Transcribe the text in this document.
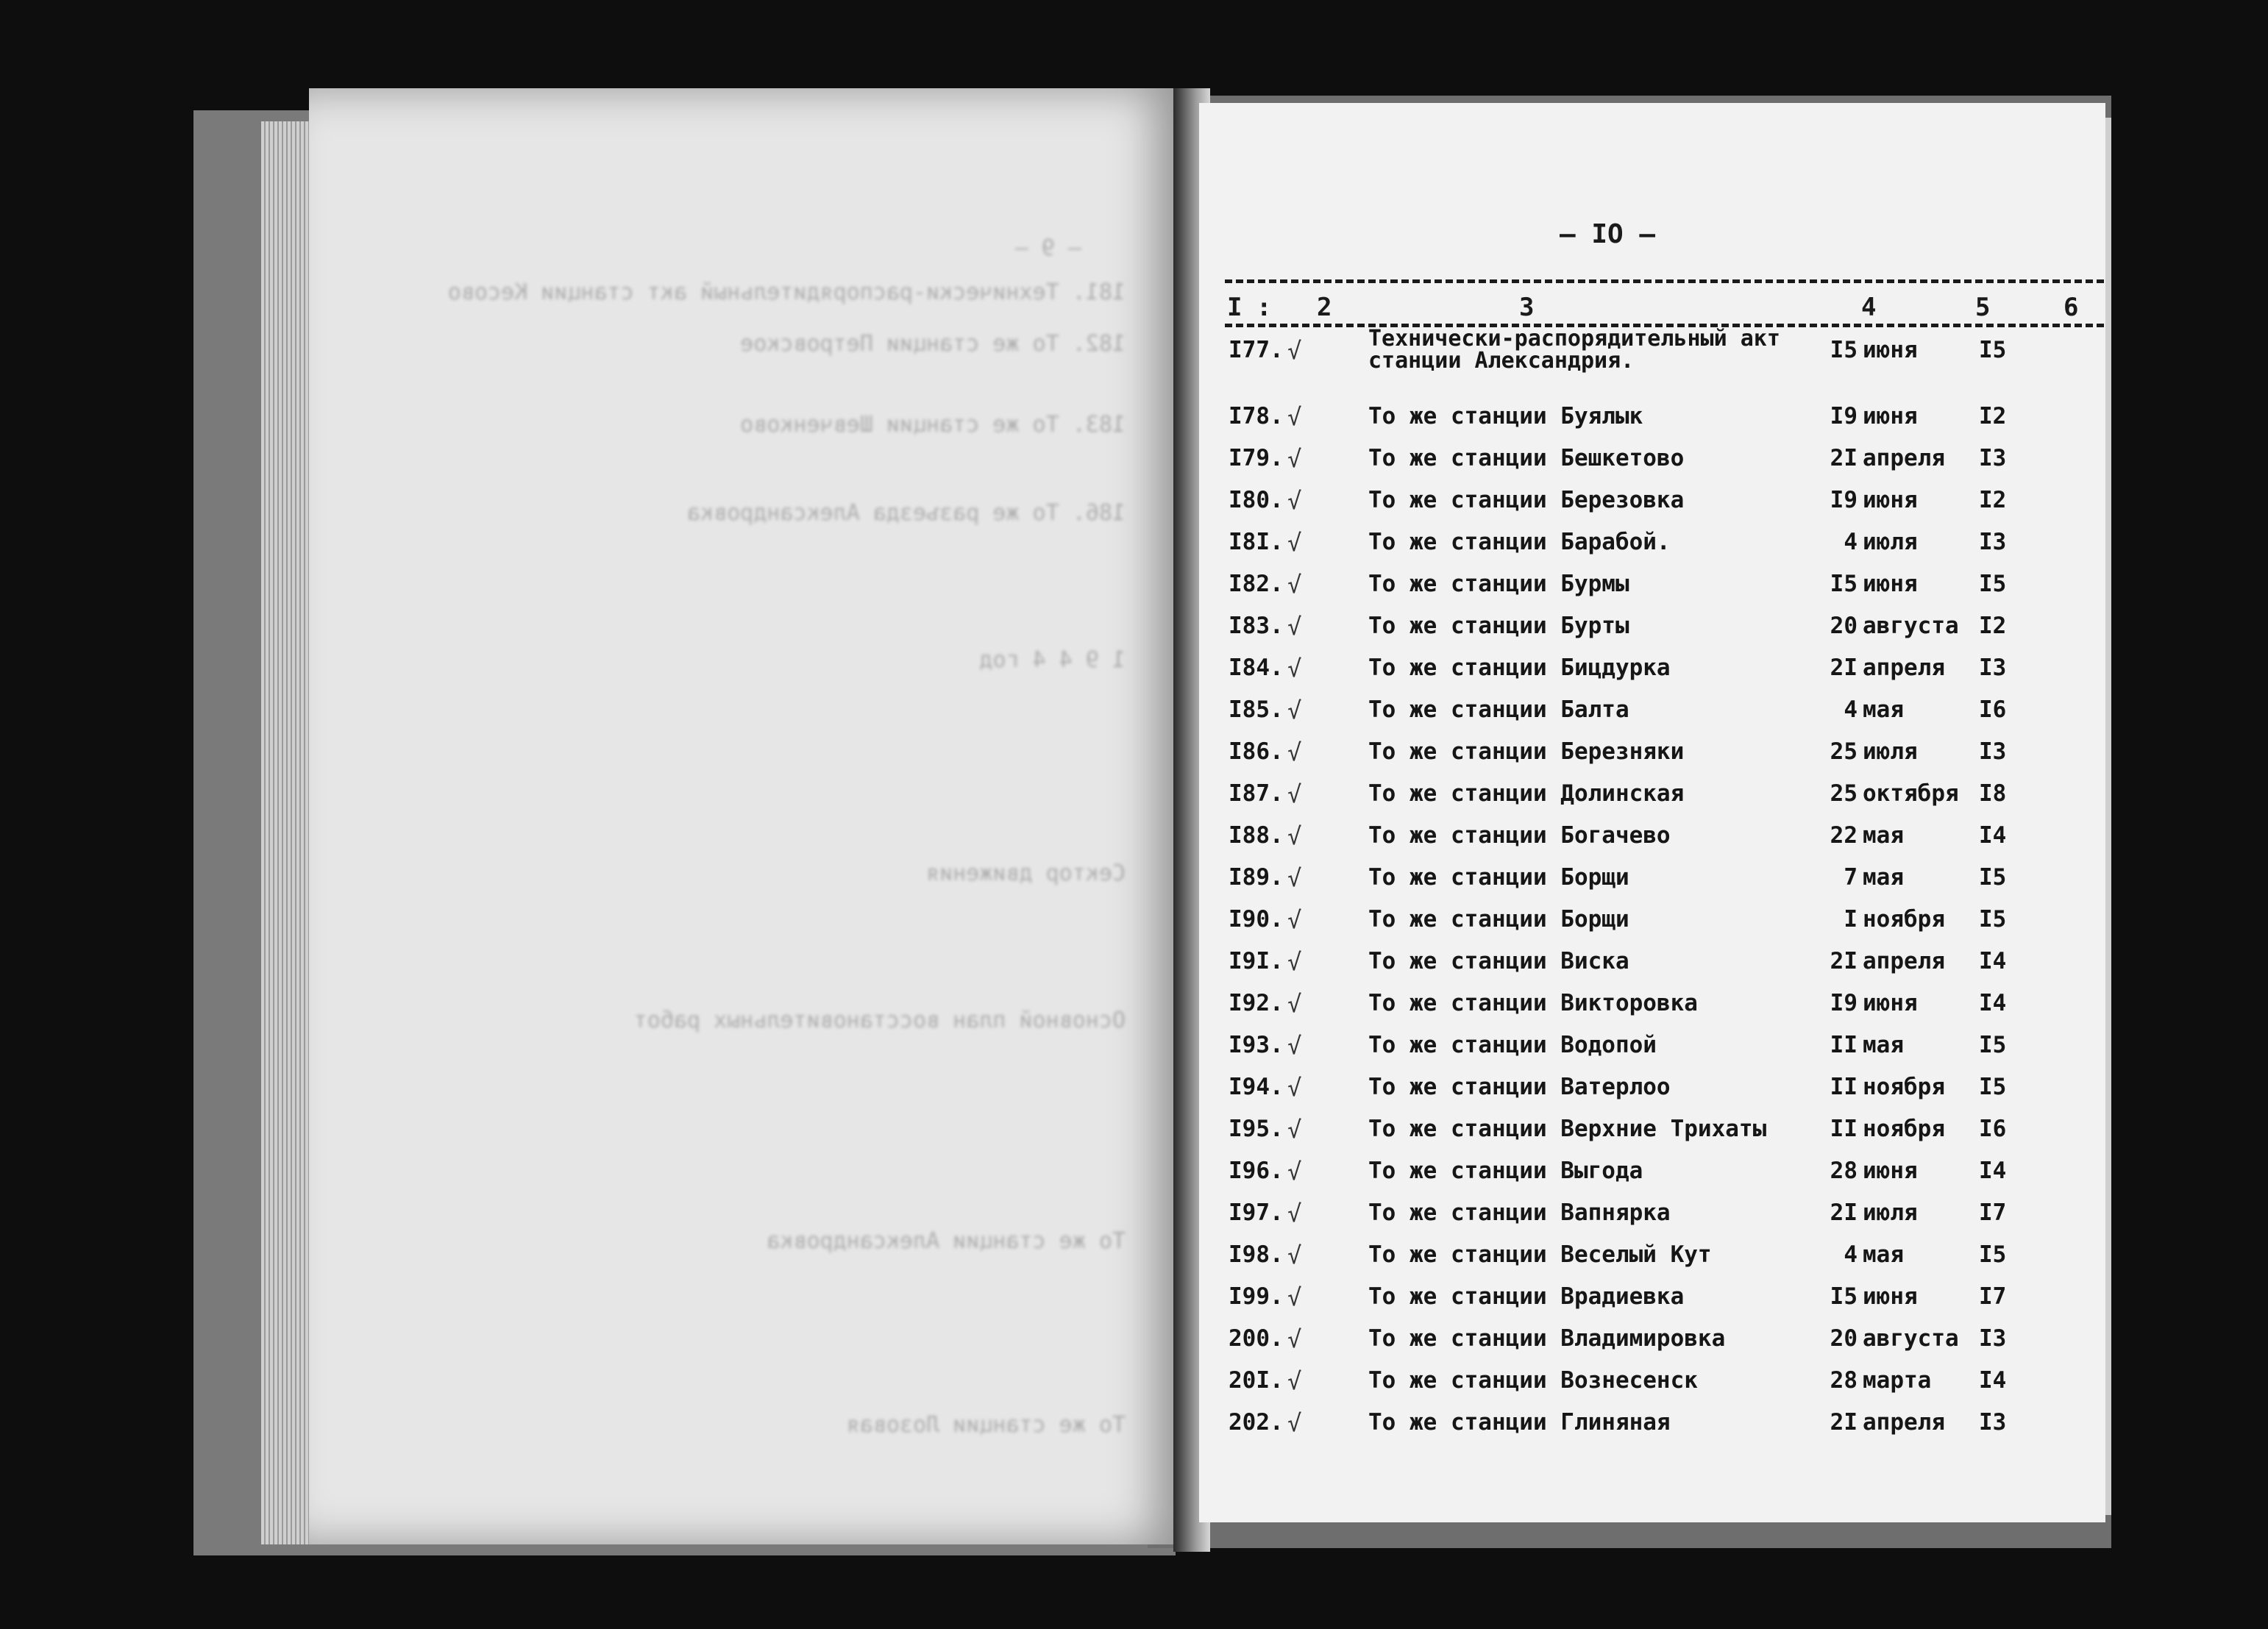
— 9 —
181. Технически-распорядительный акт станции Кесово
182. То же станции Петровское
183. То же станции Шевченково
186. То же разъезда Александровка
1 9 4 4 год
Сектор движения
Основной план восстановительных работ
То же станции Александровка
То же станции Лозовая
— IO —
I : 2	3	4	5	6
I77. √	Технически-распорядительный акт станции Александрия.	I5 июня	I5
I78. √	То же станции Буялык	I9 июня	I2
I79. √	То же станции Бешкетово	2I апреля I3
I80. √	То же станции Березовка	I9 июня	I2
I8I. √	То же станции Барабой.	4 июля	I3
I82. √	То же станции Бурмы	I5 июня	I5
I83. √	То же станции Бурты	20 августа I2
I84. √	То же станции Бицдурка	2I апреля I3
I85. √	То же станции Балта	4 мая	I6
I86. √	То же станции Березняки	25 июля	I3
I87. √	То же станции Долинская	25 октября I8
I88. √	То же станции Богачево	22 мая	I4
I89. √	То же станции Борщи	7 мая	I5
I90. √	То же станции Борщи	I ноября I5
I9I. √	То же станции Виска	2I апреля I4
I92. √	То же станции Викторовка	I9 июня	I4
I93. √	То же станции Водопой	II мая	I5
I94. √	То же станции Ватерлоо	II ноября I5
I95. √	То же станции Верхние Трихаты	II ноября I6
I96. √	То же станции Выгода	28 июня	I4
I97. √	То же станции Вапнярка	2I июля	I7
I98. √	То же станции Веселый Кут	4 мая	I5
I99. √	То же станции Врадиевка	I5 июня	I7
200. √	То же станции Владимировка	20 августа I3
20I. √	То же станции Вознесенск	28 марта I4
202. √	То же станции Глиняная	2I апреля I3
